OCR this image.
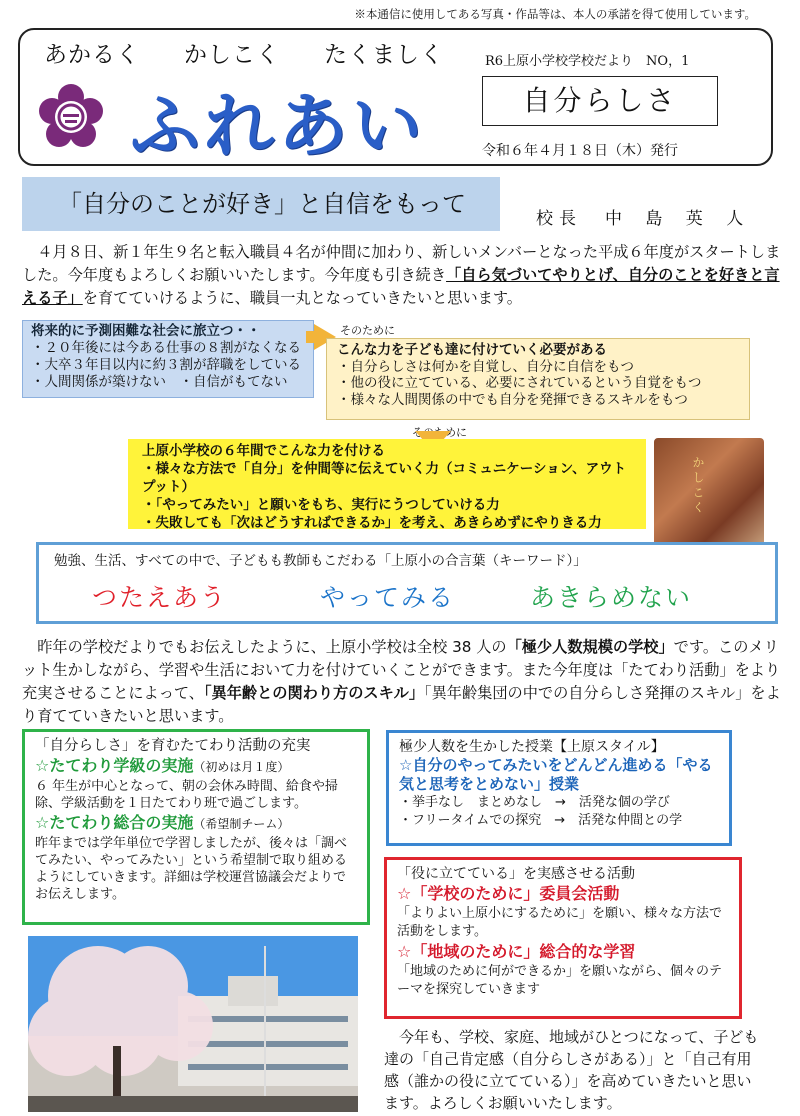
※本通信に使用してある写真・作品等は、本人の承諾を得て使用しています。
あかるく かしこく たくましく	R6上原小学校学校だより　NO，1
ふれあい	自分らしさ
令和６年４月１８日（木）発行
「自分のことが好き」と自信をもって
校長　中 島 英 人
４月８日、新１年生９名と転入職員４名が仲間に加わり、新しいメンバーとなった平成６年度がスタートしました。今年度もよろしくお願いいたします。今年度も引き続き「自ら気づいてやりとげ、自分のことを好きと言える子」を育てていけるように、職員一丸となっていきたいと思います。
将来的に予測困難な社会に旅立つ・・
・２０年後には今ある仕事の８割がなくなる
・大卒３年目以内に約３割が辞職をしている
・人間関係が築けない　・自信がもてない
そのために
こんな力を子ども達に付けていく必要がある
・自分らしさは何かを自覚し、自分に自信をもつ
・他の役に立てている、必要にされているという自覚をもつ
・様々な人間関係の中でも自分を発揮できるスキルをもつ
そのために
上原小学校の６年間でこんな力を付ける
・様々な方法で「自分」を仲間等に伝えていく力（コミュニケーション、アウトプット）
・「やってみたい」と願いをもち、実行にうつしていける力
・失敗しても「次はどうすればできるか」を考え、あきらめずにやりきる力
かしこく
勉強、生活、すべての中で、子どもも教師もこだわる「上原小の合言葉（キーワード）」
つたえあう	やってみる	あきらめない
昨年の学校だよりでもお伝えしたように、上原小学校は全校 38 人の「極少人数規模の学校」です。このメリット生かしながら、学習や生活において力を付けていくことができます。また今年度は「たてわり活動」をより充実させることによって、「異年齢との関わり方のスキル」「異年齢集団の中での自分らしさ発揮のスキル」をより育てていきたいと思います。
「自分らしさ」を育むたてわり活動の充実
☆たてわり学級の実施（初めは月１度）
６ 年生が中心となって、朝の会休み時間、給食や掃除、学級活動を１日たてわり班で過ごします。
☆たてわり総合の実施（希望制チーム）
昨年までは学年単位で学習しましたが、後々は「調べてみたい、やってみたい」という希望制で取り組めるようにしていきます。詳細は学校運営協議会だよりでお伝えします。
極少人数を生かした授業【上原スタイル】
☆自分のやってみたいをどんどん進める「やる気と思考をとめない」授業
・挙手なし　まとめなし　→　活発な個の学び
・フリータイムでの探究　→　活発な仲間との学
「役に立てている」を実感させる活動
☆「学校のために」委員会活動
「よりよい上原小にするために」を願い、様々な方法で活動をします。
☆「地域のために」総合的な学習
「地域のために何ができるか」を願いながら、個々のテーマを探究していきます
今年も、学校、家庭、地域がひとつになって、子ども達の「自己肯定感（自分らしさがある）」と「自己有用感（誰かの役に立てている）」を高めていきたいと思います。よろしくお願いいたします。
